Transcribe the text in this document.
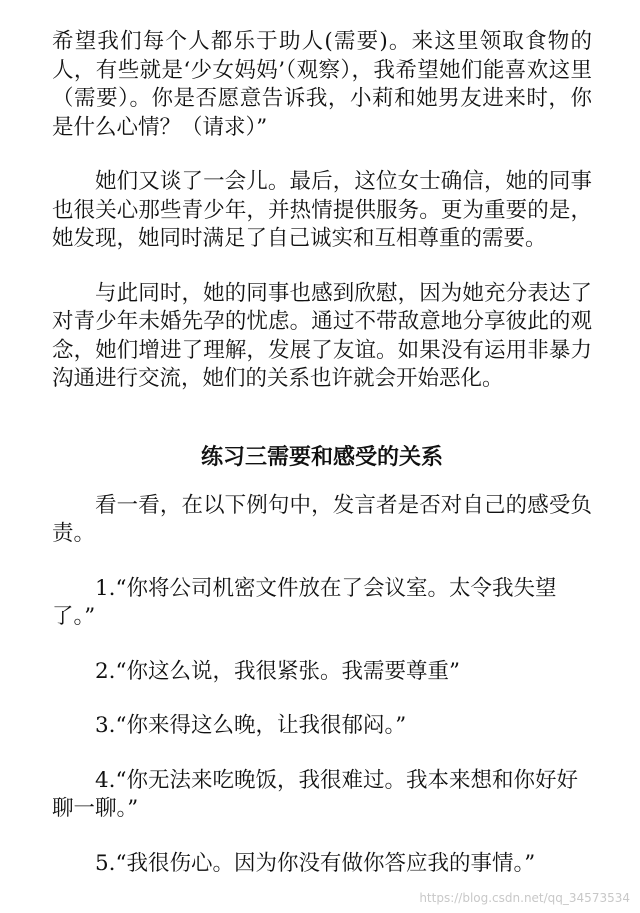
希望我们每个人都乐于助人(需要)。来这里领取食物的人，有些就是‘少女妈妈’（观察），我希望她们能喜欢这里（需要）。你是否愿意告诉我，小莉和她男友进来时，你是什么心情？（请求）”

她们又谈了一会儿。最后，这位女士确信，她的同事也很关心那些青少年，并热情提供服务。更为重要的是，她发现，她同时满足了自己诚实和互相尊重的需要。

与此同时，她的同事也感到欣慰，因为她充分表达了对青少年未婚先孕的忧虑。通过不带敌意地分享彼此的观念，她们增进了理解，发展了友谊。如果没有运用非暴力沟通进行交流，她们的关系也许就会开始恶化。

练习三需要和感受的关系

看一看，在以下例句中，发言者是否对自己的感受负责。

1.“你将公司机密文件放在了会议室。太令我失望了。”

2.“你这么说，我很紧张。我需要尊重”

3.“你来得这么晚，让我很郁闷。”

4.“你无法来吃晚饭，我很难过。我本来想和你好好聊一聊。”

5.“我很伤心。因为你没有做你答应我的事情。”

https://blog.csdn.net/qq_34573534
